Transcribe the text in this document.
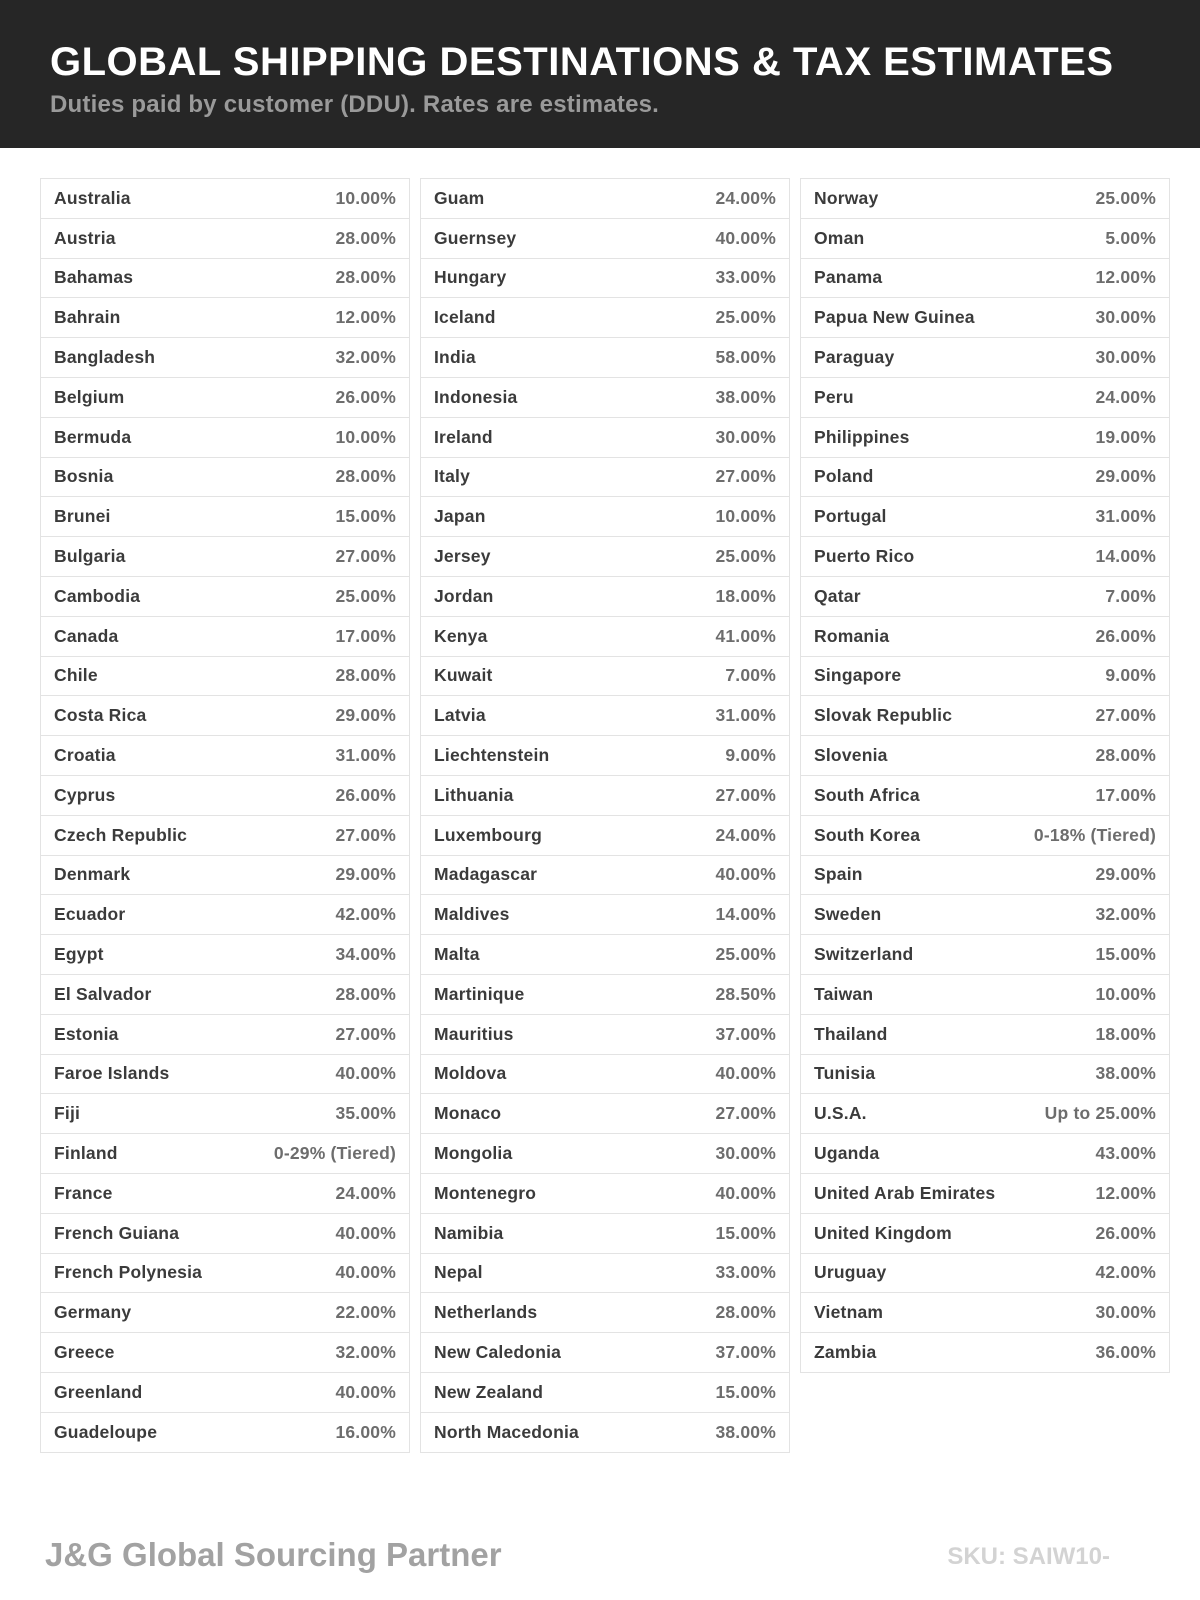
GLOBAL SHIPPING DESTINATIONS & TAX ESTIMATES
Duties paid by customer (DDU). Rates are estimates.
Australia	10.00%
Austria	28.00%
Bahamas	28.00%
Bahrain	12.00%
Bangladesh	32.00%
Belgium	26.00%
Bermuda	10.00%
Bosnia	28.00%
Brunei	15.00%
Bulgaria	27.00%
Cambodia	25.00%
Canada	17.00%
Chile	28.00%
Costa Rica	29.00%
Croatia	31.00%
Cyprus	26.00%
Czech Republic	27.00%
Denmark	29.00%
Ecuador	42.00%
Egypt	34.00%
El Salvador	28.00%
Estonia	27.00%
Faroe Islands	40.00%
Fiji	35.00%
Finland	0-29% (Tiered)
France	24.00%
French Guiana	40.00%
French Polynesia	40.00%
Germany	22.00%
Greece	32.00%
Greenland	40.00%
Guadeloupe	16.00%
Guam	24.00%
Guernsey	40.00%
Hungary	33.00%
Iceland	25.00%
India	58.00%
Indonesia	38.00%
Ireland	30.00%
Italy	27.00%
Japan	10.00%
Jersey	25.00%
Jordan	18.00%
Kenya	41.00%
Kuwait	7.00%
Latvia	31.00%
Liechtenstein	9.00%
Lithuania	27.00%
Luxembourg	24.00%
Madagascar	40.00%
Maldives	14.00%
Malta	25.00%
Martinique	28.50%
Mauritius	37.00%
Moldova	40.00%
Monaco	27.00%
Mongolia	30.00%
Montenegro	40.00%
Namibia	15.00%
Nepal	33.00%
Netherlands	28.00%
New Caledonia	37.00%
New Zealand	15.00%
North Macedonia	38.00%
Norway	25.00%
Oman	5.00%
Panama	12.00%
Papua New Guinea	30.00%
Paraguay	30.00%
Peru	24.00%
Philippines	19.00%
Poland	29.00%
Portugal	31.00%
Puerto Rico	14.00%
Qatar	7.00%
Romania	26.00%
Singapore	9.00%
Slovak Republic	27.00%
Slovenia	28.00%
South Africa	17.00%
South Korea	0-18% (Tiered)
Spain	29.00%
Sweden	32.00%
Switzerland	15.00%
Taiwan	10.00%
Thailand	18.00%
Tunisia	38.00%
U.S.A.	Up to 25.00%
Uganda	43.00%
United Arab Emirates	12.00%
United Kingdom	26.00%
Uruguay	42.00%
Vietnam	30.00%
Zambia	36.00%
J&G Global Sourcing Partner	SKU: SAIW10-
